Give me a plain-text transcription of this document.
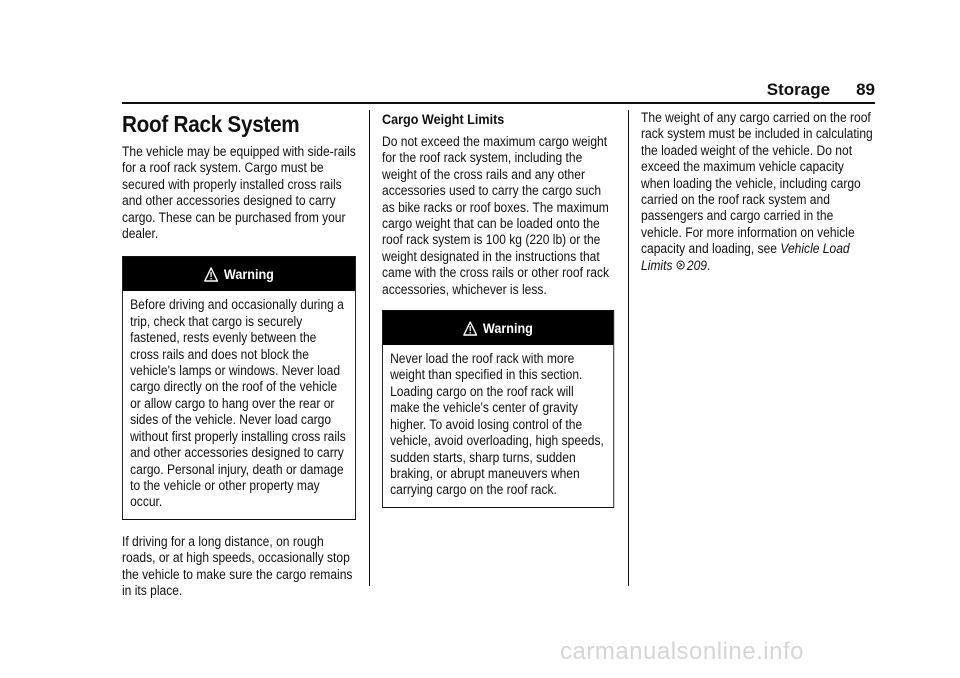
Storage 89
Roof Rack System

The vehicle may be equipped with side-rails for a roof rack system. Cargo must be secured with properly installed cross rails and other accessories designed to carry cargo. These can be purchased from your dealer.

Warning
Before driving and occasionally during a trip, check that cargo is securely fastened, rests evenly between the cross rails and does not block the vehicle's lamps or windows. Never load cargo directly on the roof of the vehicle or allow cargo to hang over the rear or sides of the vehicle. Never load cargo without first properly installing cross rails and other accessories designed to carry cargo. Personal injury, death or damage to the vehicle or other property may occur.

If driving for a long distance, on rough roads, or at high speeds, occasionally stop the vehicle to make sure the cargo remains in its place.

Cargo Weight Limits

Do not exceed the maximum cargo weight for the roof rack system, including the weight of the cross rails and any other accessories used to carry the cargo such as bike racks or roof boxes. The maximum cargo weight that can be loaded onto the roof rack system is 100 kg (220 lb) or the weight designated in the instructions that came with the cross rails or other roof rack accessories, whichever is less.

Warning
Never load the roof rack with more weight than specified in this section. Loading cargo on the roof rack will make the vehicle's center of gravity higher. To avoid losing control of the vehicle, avoid overloading, high speeds, sudden starts, sharp turns, sudden braking, or abrupt maneuvers when carrying cargo on the roof rack.

The weight of any cargo carried on the roof rack system must be included in calculating the loaded weight of the vehicle. Do not exceed the maximum vehicle capacity when loading the vehicle, including cargo carried on the roof rack system and passengers and cargo carried in the vehicle. For more information on vehicle capacity and loading, see Vehicle Load Limits 209.

carmanualsonline.info
